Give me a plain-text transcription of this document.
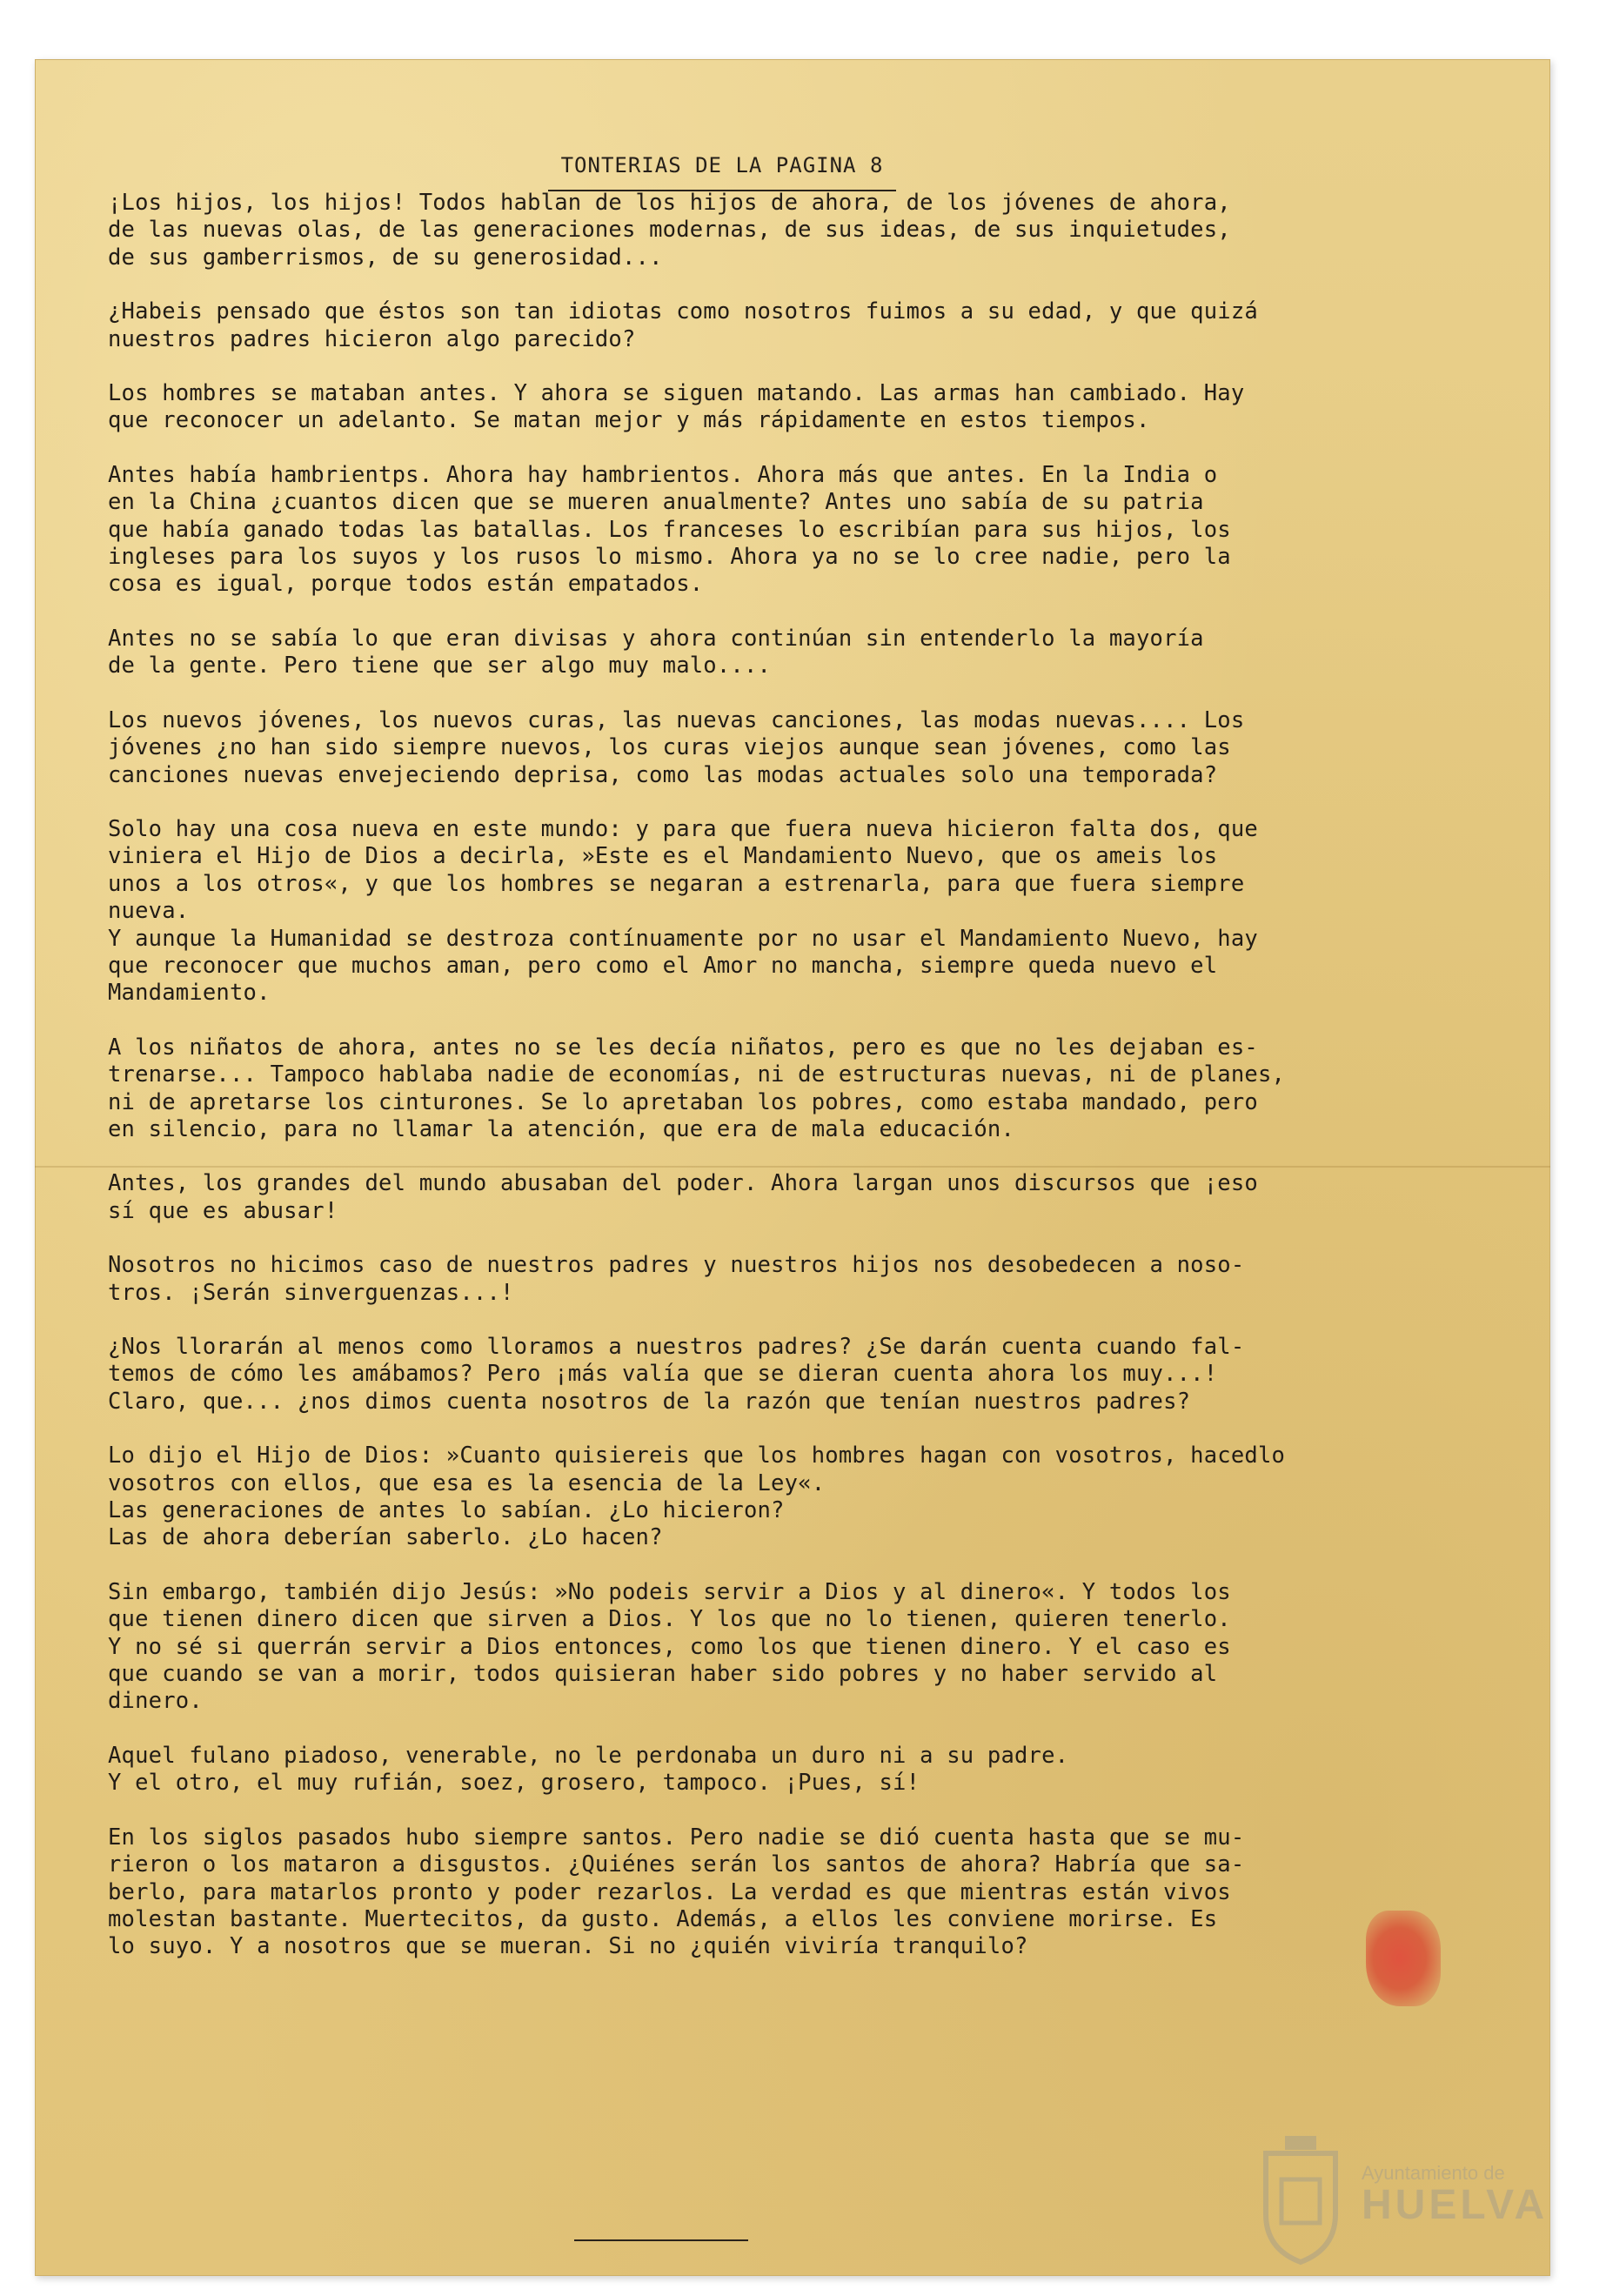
TONTERIAS DE LA PAGINA 8

¡Los hijos, los hijos! Todos hablan de los hijos de ahora, de los jóvenes de ahora,
de las nuevas olas, de las generaciones modernas, de sus ideas, de sus inquietudes,
de sus gamberrismos, de su generosidad...

¿Habeis pensado que éstos son tan idiotas como nosotros fuimos a su edad, y que quizá
nuestros padres hicieron algo parecido?

Los hombres se mataban antes. Y ahora se siguen matando. Las armas han cambiado. Hay
que reconocer un adelanto. Se matan mejor y más rápidamente en estos tiempos.

Antes había hambrientps. Ahora hay hambrientos. Ahora más que antes. En la India o
en la China ¿cuantos dicen que se mueren anualmente? Antes uno sabía de su patria
que había ganado todas las batallas. Los franceses lo escribían para sus hijos, los
ingleses para los suyos y los rusos lo mismo. Ahora ya no se lo cree nadie, pero la
cosa es igual, porque todos están empatados.

Antes no se sabía lo que eran divisas y ahora continúan sin entenderlo la mayoría
de la gente. Pero tiene que ser algo muy malo....

Los nuevos jóvenes, los nuevos curas, las nuevas canciones, las modas nuevas.... Los
jóvenes ¿no han sido siempre nuevos, los curas viejos aunque sean jóvenes, como las
canciones nuevas envejeciendo deprisa, como las modas actuales solo una temporada?

Solo hay una cosa nueva en este mundo: y para que fuera nueva hicieron falta dos, que
viniera el Hijo de Dios a decirla, »Este es el Mandamiento Nuevo, que os ameis los
unos a los otros«, y que los hombres se negaran a estrenarla, para que fuera siempre
nueva.

Y aunque la Humanidad se destroza contínuamente por no usar el Mandamiento Nuevo, hay
que reconocer que muchos aman, pero como el Amor no mancha, siempre queda nuevo el
Mandamiento.

A los niñatos de ahora, antes no se les decía niñatos, pero es que no les dejaban es-
trenarse... Tampoco hablaba nadie de economías, ni de estructuras nuevas, ni de planes,
ni de apretarse los cinturones. Se lo apretaban los pobres, como estaba mandado, pero
en silencio, para no llamar la atención, que era de mala educación.

Antes, los grandes del mundo abusaban del poder. Ahora largan unos discursos que ¡eso
sí que es abusar!

Nosotros no hicimos caso de nuestros padres y nuestros hijos nos desobedecen a noso-
tros. ¡Serán sinverguenzas...!

¿Nos llorarán al menos como lloramos a nuestros padres? ¿Se darán cuenta cuando fal-
temos de cómo les amábamos? Pero ¡más valía que se dieran cuenta ahora los muy...!
Claro, que... ¿nos dimos cuenta nosotros de la razón que tenían nuestros padres?

Lo dijo el Hijo de Dios: »Cuanto quisiereis que los hombres hagan con vosotros, hacedlo
vosotros con ellos, que esa es la esencia de la Ley«.
Las generaciones de antes lo sabían. ¿Lo hicieron?
Las de ahora deberían saberlo. ¿Lo hacen?

Sin embargo, también dijo Jesús: »No podeis servir a Dios y al dinero«. Y todos los
que tienen dinero dicen que sirven a Dios. Y los que no lo tienen, quieren tenerlo.
Y no sé si querrán servir a Dios entonces, como los que tienen dinero. Y el caso es
que cuando se van a morir, todos quisieran haber sido pobres y no haber servido al
dinero.

Aquel fulano piadoso, venerable, no le perdonaba un duro ni a su padre.
Y el otro, el muy rufián, soez, grosero, tampoco. ¡Pues, sí!

En los siglos pasados hubo siempre santos. Pero nadie se dió cuenta hasta que se mu-
rieron o los mataron a disgustos. ¿Quiénes serán los santos de ahora? Habría que sa-
berlo, para matarlos pronto y poder rezarlos. La verdad es que mientras están vivos
molestan bastante. Muertecitos, da gusto. Además, a ellos les conviene morirse. Es
lo suyo. Y a nosotros que se mueran. Si no ¿quién viviría tranquilo?

Ayuntamiento de
HUELVA
